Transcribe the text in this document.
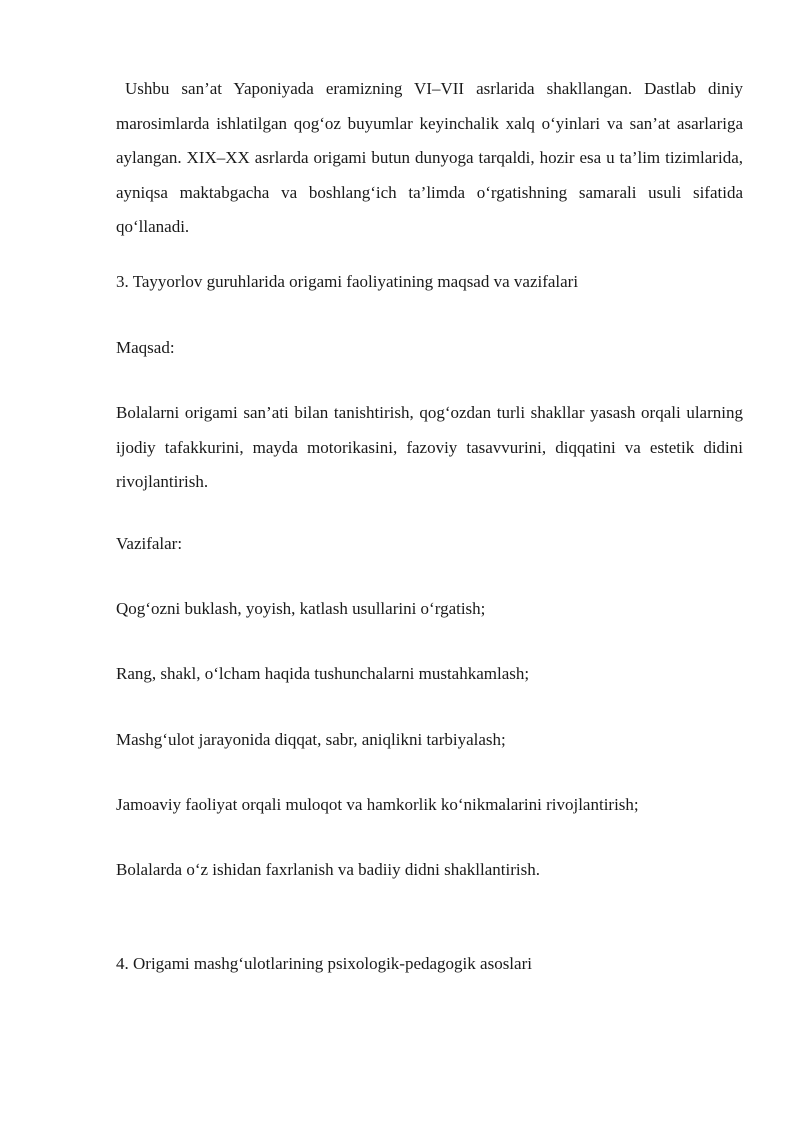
Ushbu san’at Yaponiyada eramizning VI–VII asrlarida shakllangan. Dastlab diniy marosimlarda ishlatilgan qog‘oz buyumlar keyinchalik xalq o‘yinlari va san’at asarlariga aylangan. XIX–XX asrlarda origami butun dunyoga tarqaldi, hozir esa u ta’lim tizimlarida, ayniqsa maktabgacha va boshlang‘ich ta’limda o‘rgatishning samarali usuli sifatida qo‘llanadi.

3. Tayyorlov guruhlarida origami faoliyatining maqsad va vazifalari

Maqsad:

Bolalarni origami san’ati bilan tanishtirish, qog‘ozdan turli shakllar yasash orqali ularning ijodiy tafakkurini, mayda motorikasini, fazoviy tasavvurini, diqqatini va estetik didini rivojlantirish.

Vazifalar:

Qog‘ozni buklash, yoyish, katlash usullarini o‘rgatish;

Rang, shakl, o‘lcham haqida tushunchalarni mustahkamlash;

Mashg‘ulot jarayonida diqqat, sabr, aniqlikni tarbiyalash;

Jamoaviy faoliyat orqali muloqot va hamkorlik ko‘nikmalarini rivojlantirish;

Bolalarda o‘z ishidan faxrlanish va badiiy didni shakllantirish.

4. Origami mashg‘ulotlarining psixologik-pedagogik asoslari
